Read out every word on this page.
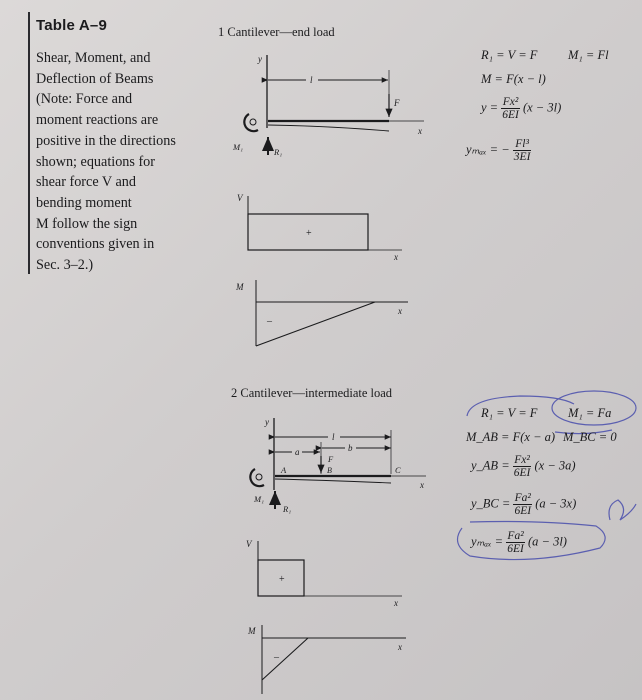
Table A–9
Shear, Moment, and
Deflection of Beams
(Note: Force and
moment reactions are
positive in the directions
shown; equations for
shear force V and
bending moment
M follow the sign
conventions given in
Sec. 3–2.)
1 Cantilever—end load
y
l
x
F
M₁	R₁
V
+
x
M
–
x
y
l
a	b
x
F
A	B	C
M₁
R₁
V
+
x
M
–
x
2 Cantilever—intermediate load
R₁ = V = F M₁ = Fl
M = F(x − l)
$y = \frac{\text{Fx²}}{6EI} (x - 3l)$
yₘₐₓ = − $\frac{\text{Fl³}}{3EI}$
R₁ = V = F M₁ = Fa
M_AB = F(x − a) M_BC = 0
y_AB = $\frac{\text{Fx²}}{6EI} (x - 3a)$
y_BC = $\frac{\text{Fa²}}{6EI} (a - 3x)$
$y_{max} = \frac{\text{Fa²}}{6EI} (a - 3l)$
